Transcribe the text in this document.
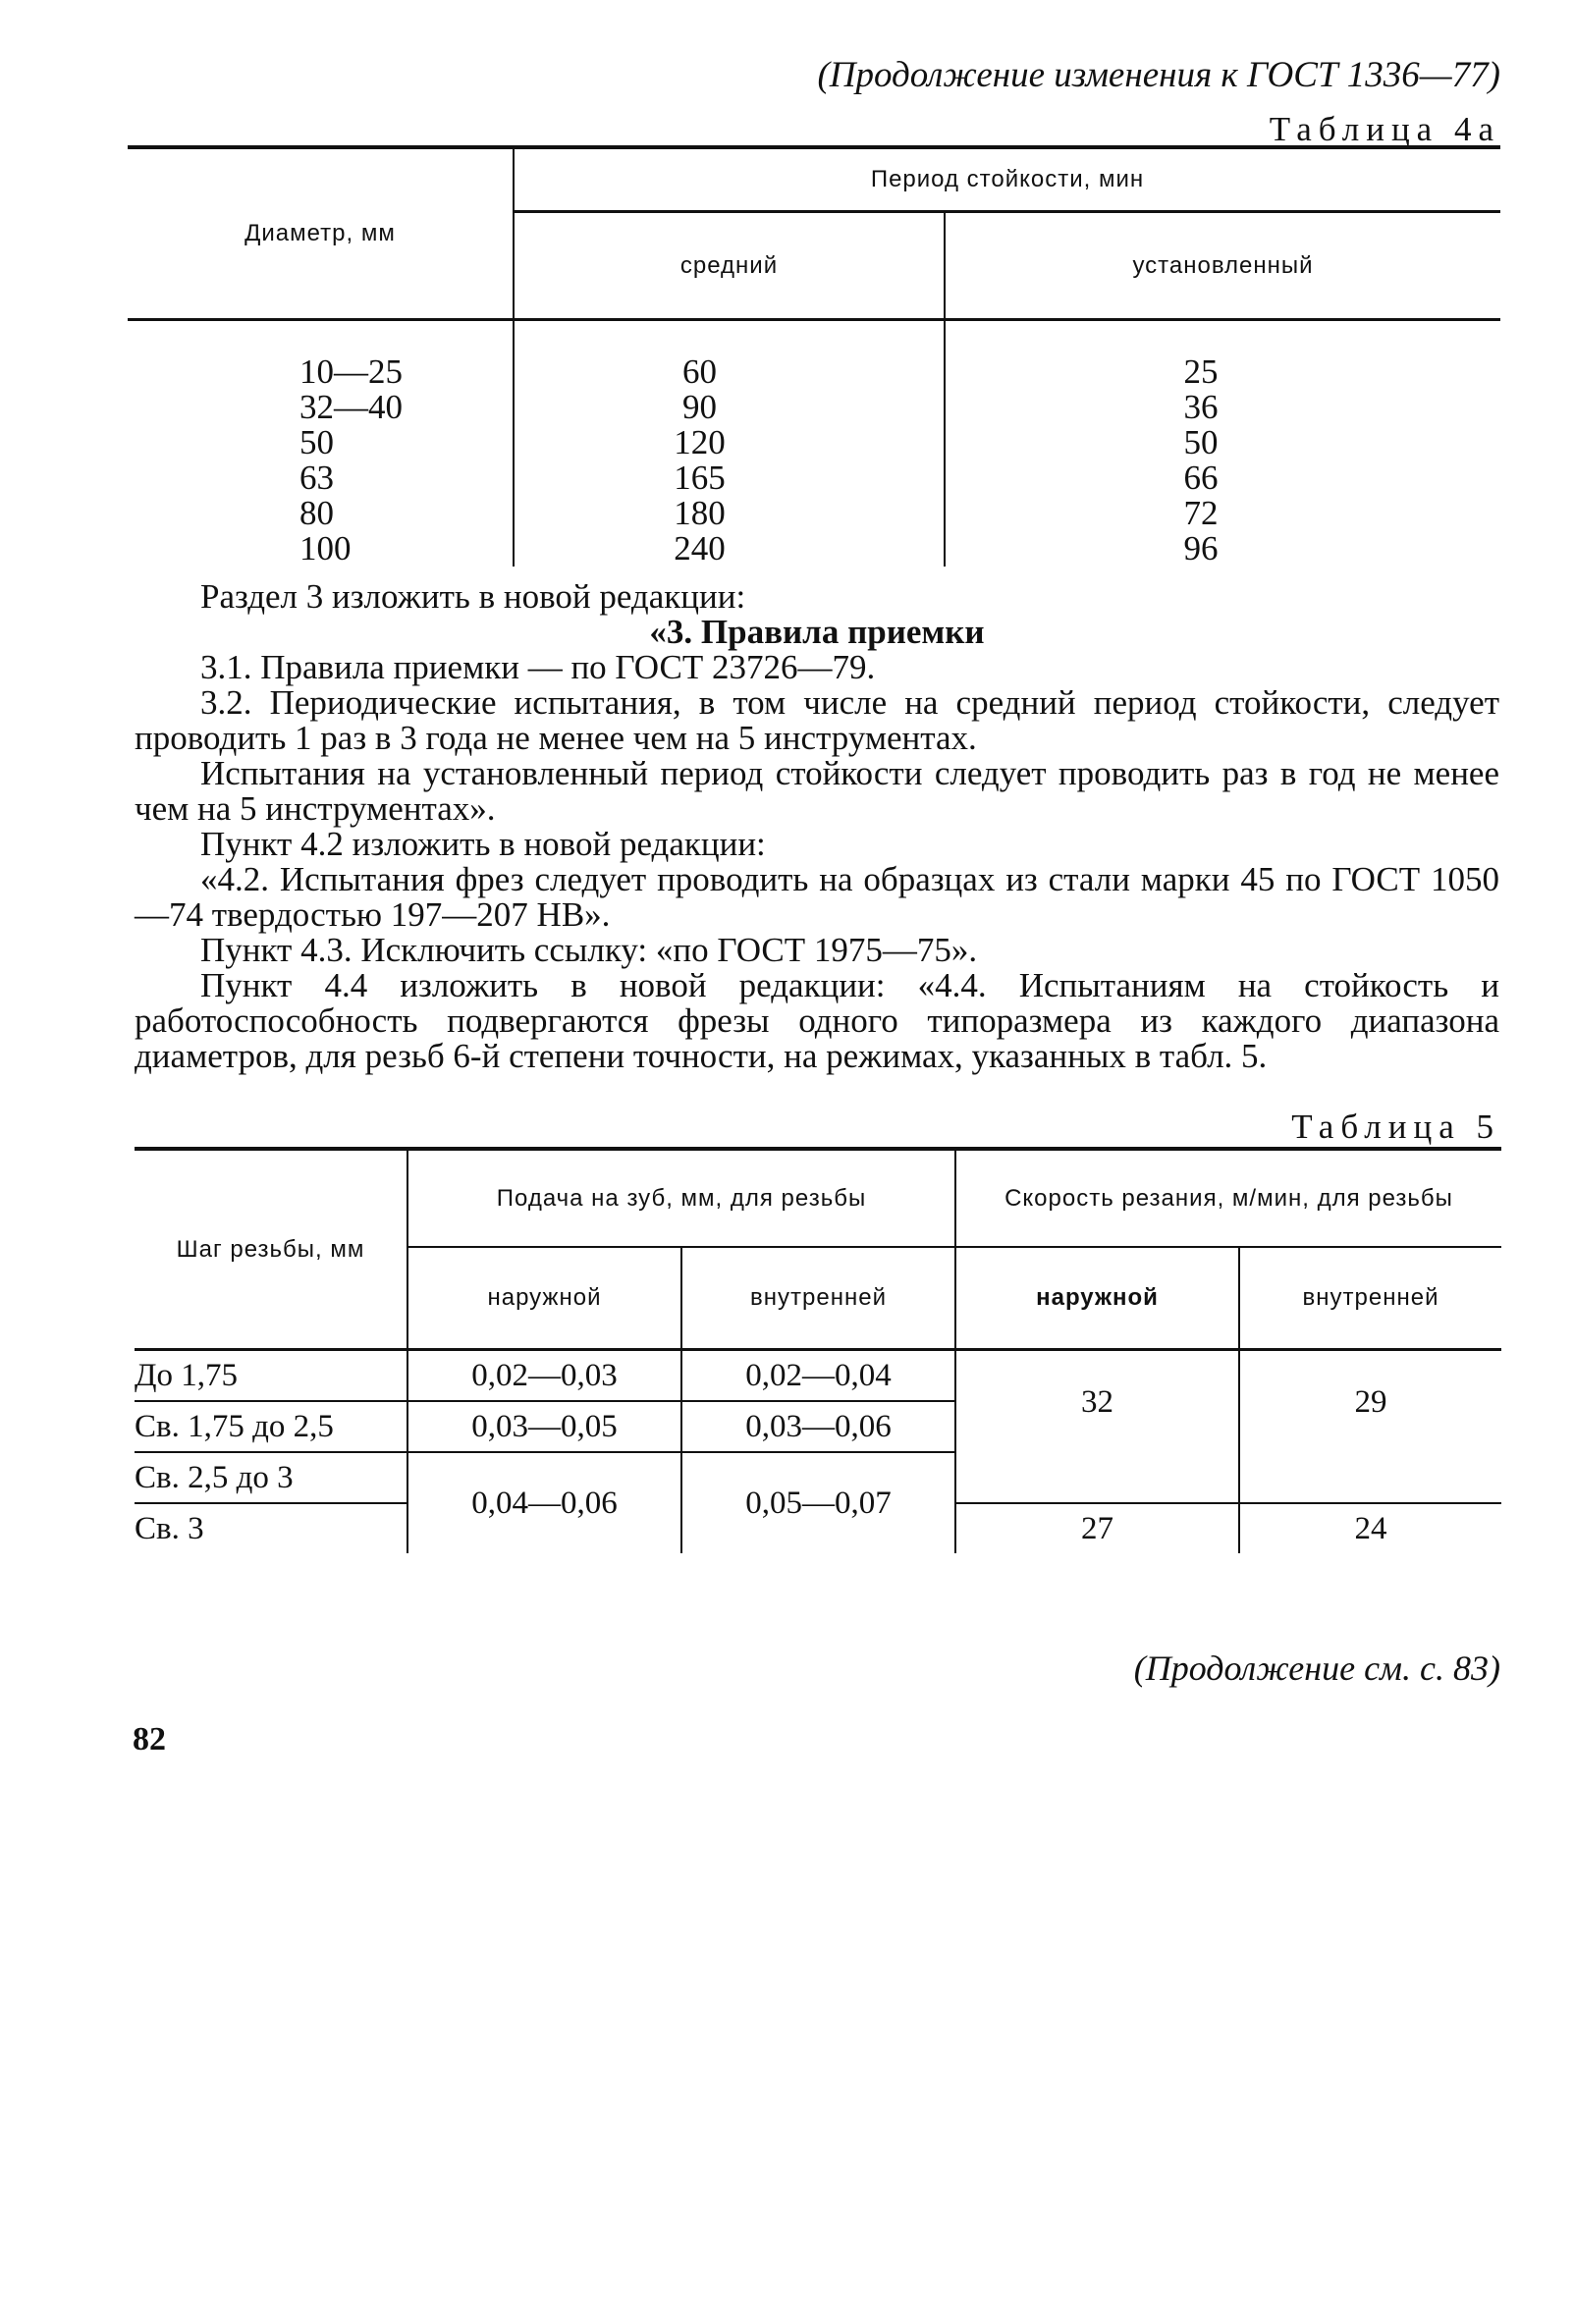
(Продолжение изменения к ГОСТ 1336—77)
Таблица 4а
Диаметр, мм	Период стойкости, мин	
	средний	установленный
10—25	60	25
32—40	90	36
50	120	50
63	165	66
80	180	72
100	240	96

Раздел 3 изложить в новой редакции:

«3. Правила приемки

3.1. Правила приемки — по ГОСТ 23726—79.

3.2. Периодические испытания, в том числе на средний период стойкости, следует проводить 1 раз в 3 года не менее чем на 5 инструментах.

Испытания на установленный период стойкости следует проводить раз в год не менее чем на 5 инструментах».

Пункт 4.2 изложить в новой редакции:

«4.2. Испытания фрез следует проводить на образцах из стали марки 45 по ГОСТ 1050—74 твердостью 197—207 НВ».

Пункт 4.3. Исключить ссылку: «по ГОСТ 1975—75».

Пункт 4.4 изложить в новой редакции: «4.4. Испытаниям на стойкость и работоспособность подвергаются фрезы одного типоразмера из каждого диапазона диаметров, для резьб 6-й степени точности, на режимах, указанных в табл. 5.

Таблица 5
Шаг резьбы, мм	Подача на зуб, мм, для резьбы		Скорость резания, м/мин, для резьбы	
	наружной	внутренней	наружной	внутренней
До 1,75	0,02—0,03	0,02—0,04	32	29
Св. 1,75 до 2,5	0,03—0,05	0,03—0,06		
Св. 2,5 до 3	0,04—0,06	0,05—0,07		
Св. 3			27	24
(Продолжение см. с. 83)
82
